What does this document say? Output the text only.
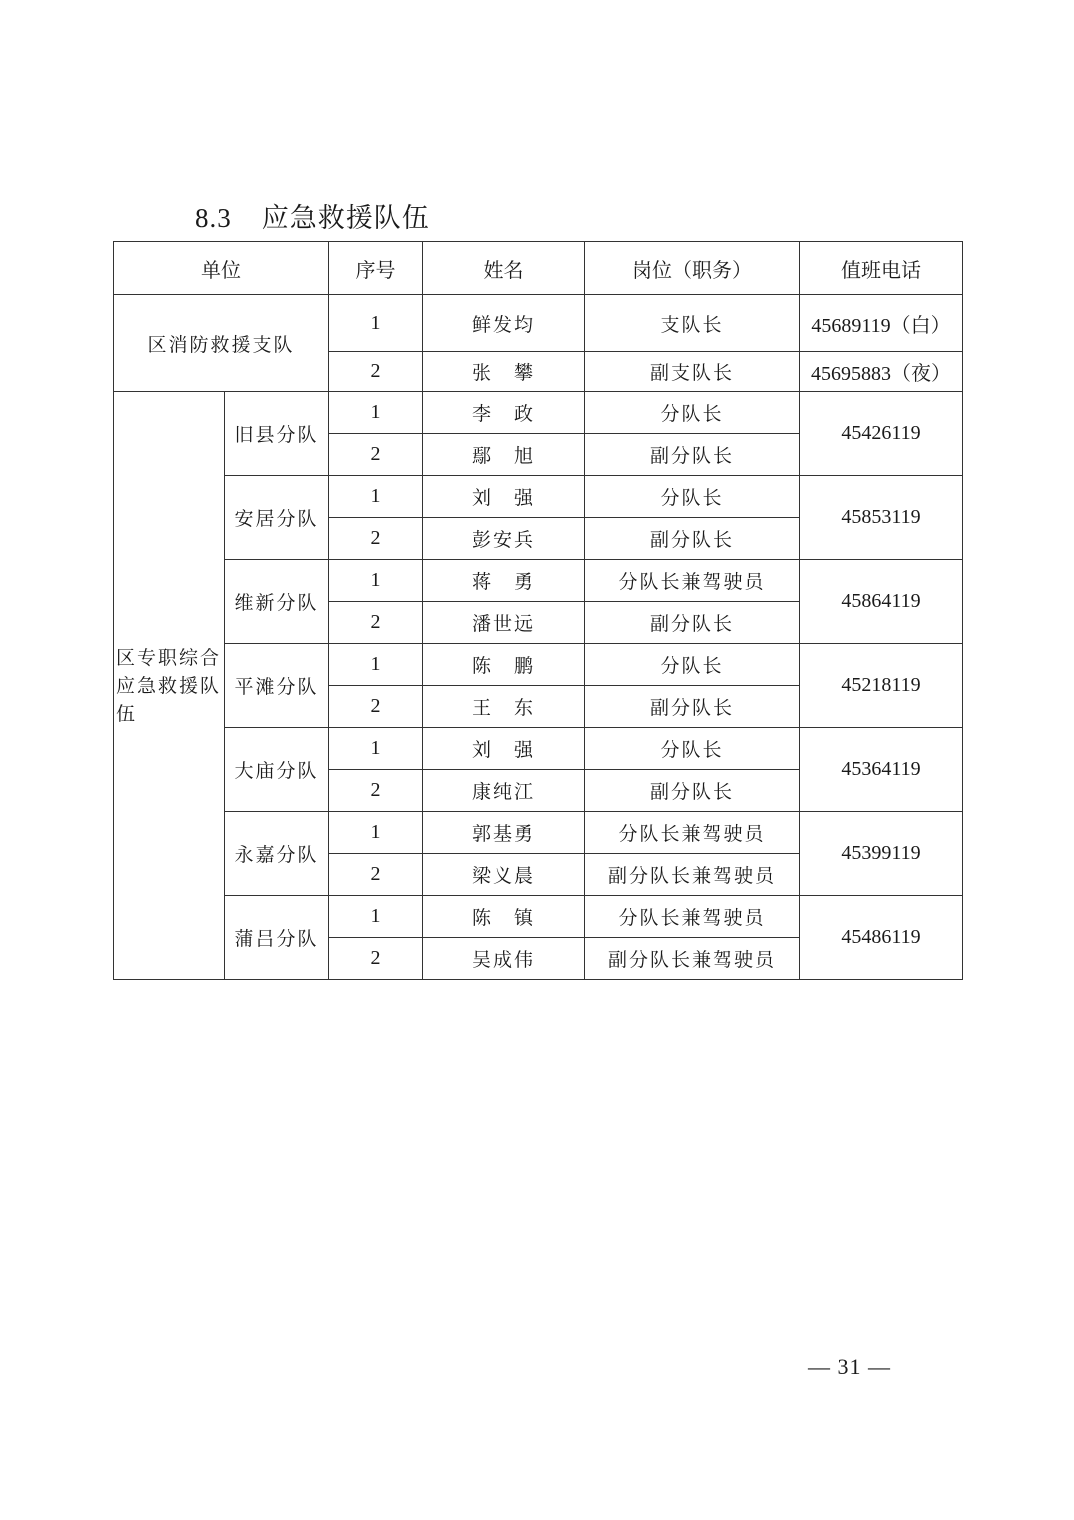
8.3 应急救援队伍
单位		序号	姓名	岗位（职务）	值班电话
区消防救援支队		1	鲜发均	支队长	45689119（白）
		2	张　攀	副支队长	45695883（夜）

区专职综合
应急救援队
伍	旧县分队	1	李　政	分队长	45426119
		2	鄢　旭	副分队长	
	安居分队	1	刘　强	分队长	45853119
		2	彭安兵	副分队长	
	维新分队	1	蒋　勇	分队长兼驾驶员	45864119
		2	潘世远	副分队长	
	平滩分队	1	陈　鹏	分队长	45218119
		2	王　东	副分队长	
	大庙分队	1	刘　强	分队长	45364119
		2	康纯江	副分队长	
	永嘉分队	1	郭基勇	分队长兼驾驶员	45399119
		2	梁义晨	副分队长兼驾驶员	
	蒲吕分队	1	陈　镇	分队长兼驾驶员	45486119
		2	吴成伟	副分队长兼驾驶员	
— 31 —
